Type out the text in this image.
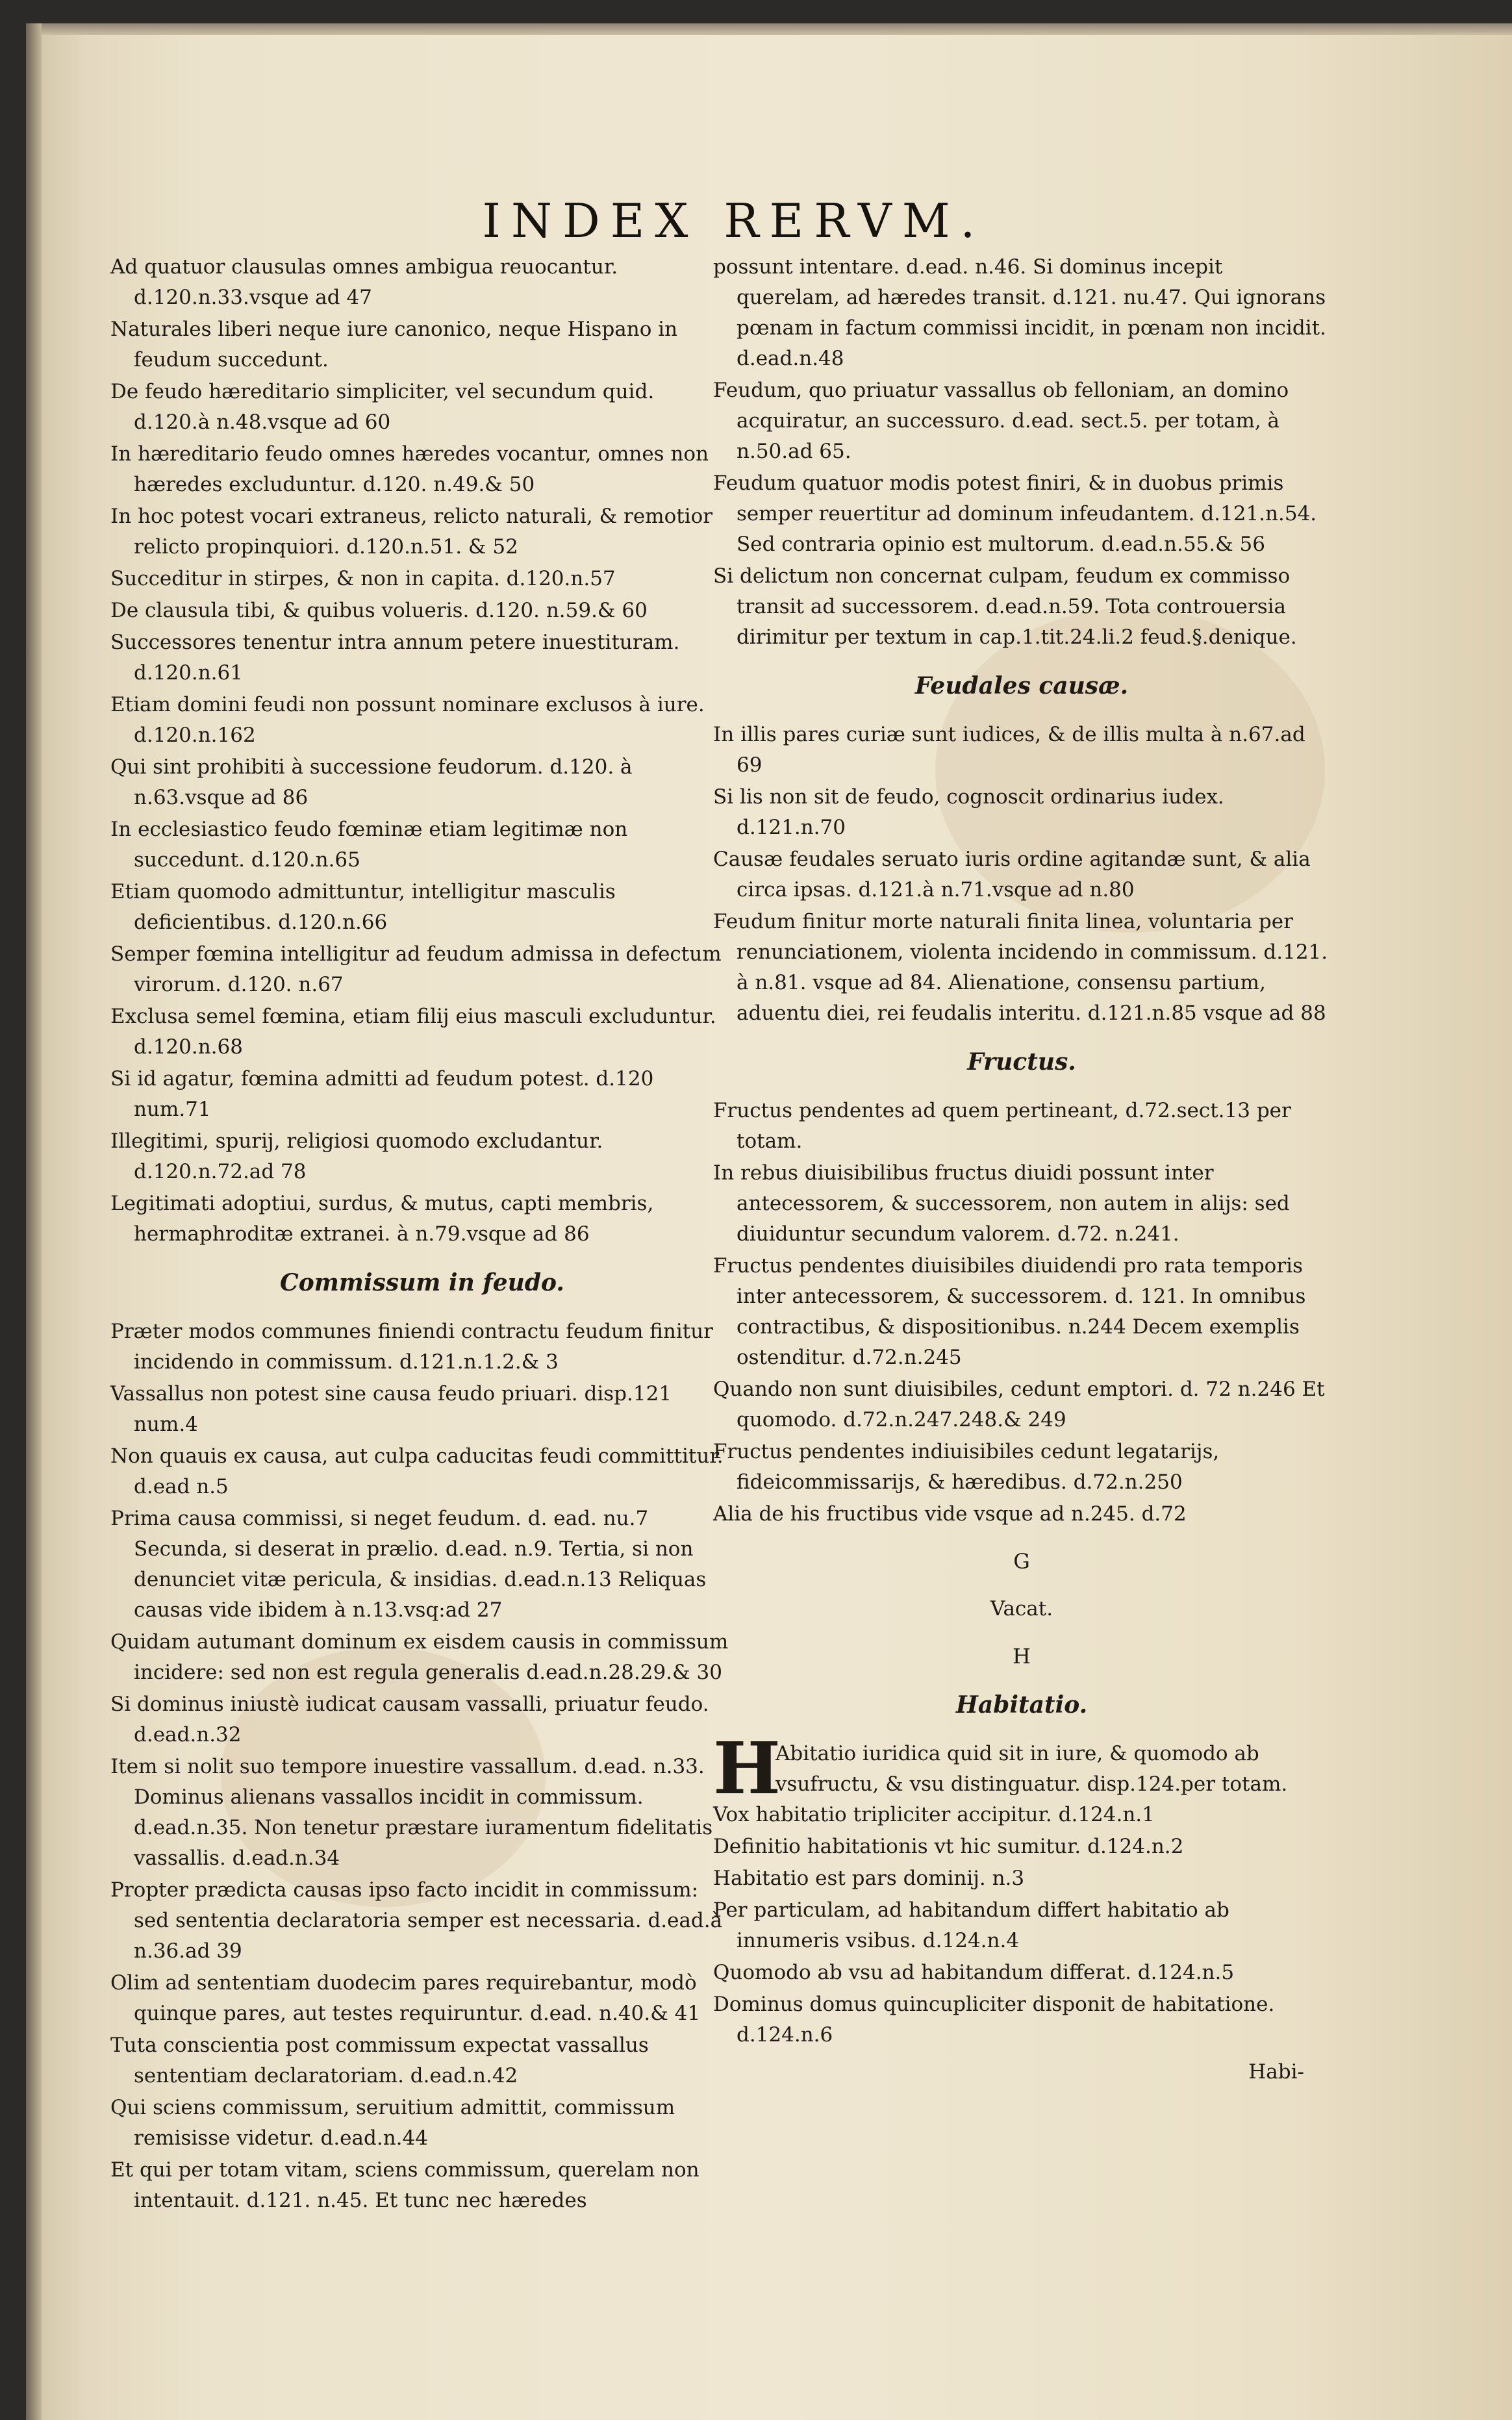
INDEX RERVM.
Ad quatuor clausulas omnes ambigua reuocantur. d.120.n.33.vsque ad 47
Naturales liberi neque iure canonico, neque Hispano in feudum succedunt.
De feudo hæreditario simpliciter, vel secundum quid. d.120.à n.48.vsque ad 60
In hæreditario feudo omnes hæredes vocantur, omnes non hæredes excluduntur. d.120. n.49.& 50
In hoc potest vocari extraneus, relicto naturali, & remotior relicto propinquiori. d.120.n.51. & 52
Succeditur in stirpes, & non in capita. d.120.n.57
De clausula tibi, & quibus volueris. d.120. n.59.& 60
Successores tenentur intra annum petere inuestituram. d.120.n.61
Etiam domini feudi non possunt nominare exclusos à iure. d.120.n.162
Qui sint prohibiti à successione feudorum. d.120. à n.63.vsque ad 86
In ecclesiastico feudo fœminæ etiam legitimæ non succedunt. d.120.n.65
Etiam quomodo admittuntur, intelligitur masculis deficientibus. d.120.n.66
Semper fœmina intelligitur ad feudum admissa in defectum virorum. d.120. n.67
Exclusa semel fœmina, etiam filij eius masculi excluduntur. d.120.n.68
Si id agatur, fœmina admitti ad feudum potest. d.120 num.71
Illegitimi, spurij, religiosi quomodo excludantur. d.120.n.72.ad 78
Legitimati adoptiui, surdus, & mutus, capti membris, hermaphroditæ extranei. à n.79.vsque ad 86
Commissum in feudo.
Præter modos communes finiendi contractu feudum finitur incidendo in commissum. d.121.n.1.2.& 3
Vassallus non potest sine causa feudo priuari. disp.121 num.4
Non quauis ex causa, aut culpa caducitas feudi committitur. d.ead n.5
Prima causa commissi, si neget feudum. d. ead. nu.7 Secunda, si deserat in prælio. d.ead. n.9. Tertia, si non denunciet vitæ pericula, & insidias. d.ead.n.13 Reliquas causas vide ibidem à n.13.vsq:ad 27
Quidam autumant dominum ex eisdem causis in commissum incidere: sed non est regula generalis d.ead.n.28.29.& 30
Si dominus iniustè iudicat causam vassalli, priuatur feudo. d.ead.n.32
Item si nolit suo tempore inuestire vassallum. d.ead. n.33. Dominus alienans vassallos incidit in commissum. d.ead.n.35. Non tenetur præstare iuramentum fidelitatis vassallis. d.ead.n.34
Propter prædicta causas ipso facto incidit in commissum: sed sententia declaratoria semper est necessaria. d.ead.à n.36.ad 39
Olim ad sententiam duodecim pares requirebantur, modò quinque pares, aut testes requiruntur. d.ead. n.40.& 41
Tuta conscientia post commissum expectat vassallus sententiam declaratoriam. d.ead.n.42
Qui sciens commissum, seruitium admittit, commissum remisisse videtur. d.ead.n.44
Et qui per totam vitam, sciens commissum, querelam non intentauit. d.121. n.45. Et tunc nec hæredes
possunt intentare. d.ead. n.46. Si dominus incepit querelam, ad hæredes transit. d.121. nu.47. Qui ignorans pœnam in factum commissi incidit, in pœnam non incidit. d.ead.n.48
Feudum, quo priuatur vassallus ob felloniam, an domino acquiratur, an successuro. d.ead. sect.5. per totam, à n.50.ad 65.
Feudum quatuor modis potest finiri, & in duobus primis semper reuertitur ad dominum infeudantem. d.121.n.54. Sed contraria opinio est multorum. d.ead.n.55.& 56
Si delictum non concernat culpam, feudum ex commisso transit ad successorem. d.ead.n.59. Tota controuersia dirimitur per textum in cap.1.tit.24.li.2 feud.§.denique.
Feudales causæ.
In illis pares curiæ sunt iudices, & de illis multa à n.67.ad 69
Si lis non sit de feudo, cognoscit ordinarius iudex. d.121.n.70
Causæ feudales seruato iuris ordine agitandæ sunt, & alia circa ipsas. d.121.à n.71.vsque ad n.80
Feudum finitur morte naturali finita linea, voluntaria per renunciationem, violenta incidendo in commissum. d.121. à n.81. vsque ad 84. Alienatione, consensu partium, aduentu diei, rei feudalis interitu. d.121.n.85 vsque ad 88
Fructus.
Fructus pendentes ad quem pertineant, d.72.sect.13 per totam.
In rebus diuisibilibus fructus diuidi possunt inter antecessorem, & successorem, non autem in alijs: sed diuiduntur secundum valorem. d.72. n.241.
Fructus pendentes diuisibiles diuidendi pro rata temporis inter antecessorem, & successorem. d. 121. In omnibus contractibus, & dispositionibus. n.244 Decem exemplis ostenditur. d.72.n.245
Quando non sunt diuisibiles, cedunt emptori. d. 72 n.246 Et quomodo. d.72.n.247.248.& 249
Fructus pendentes indiuisibiles cedunt legatarijs, fideicommissarijs, & hæredibus. d.72.n.250
Alia de his fructibus vide vsque ad n.245. d.72
G
Vacat.
H
Habitatio.
H
Abitatio iuridica quid sit in iure, & quomodo ab vsufructu, & vsu distinguatur. disp.124.per totam.
Vox habitatio tripliciter accipitur. d.124.n.1
Definitio habitationis vt hic sumitur. d.124.n.2
Habitatio est pars dominij. n.3
Per particulam, ad habitandum differt habitatio ab innumeris vsibus. d.124.n.4
Quomodo ab vsu ad habitandum differat. d.124.n.5
Dominus domus quincupliciter disponit de habitatione. d.124.n.6
Habi-
